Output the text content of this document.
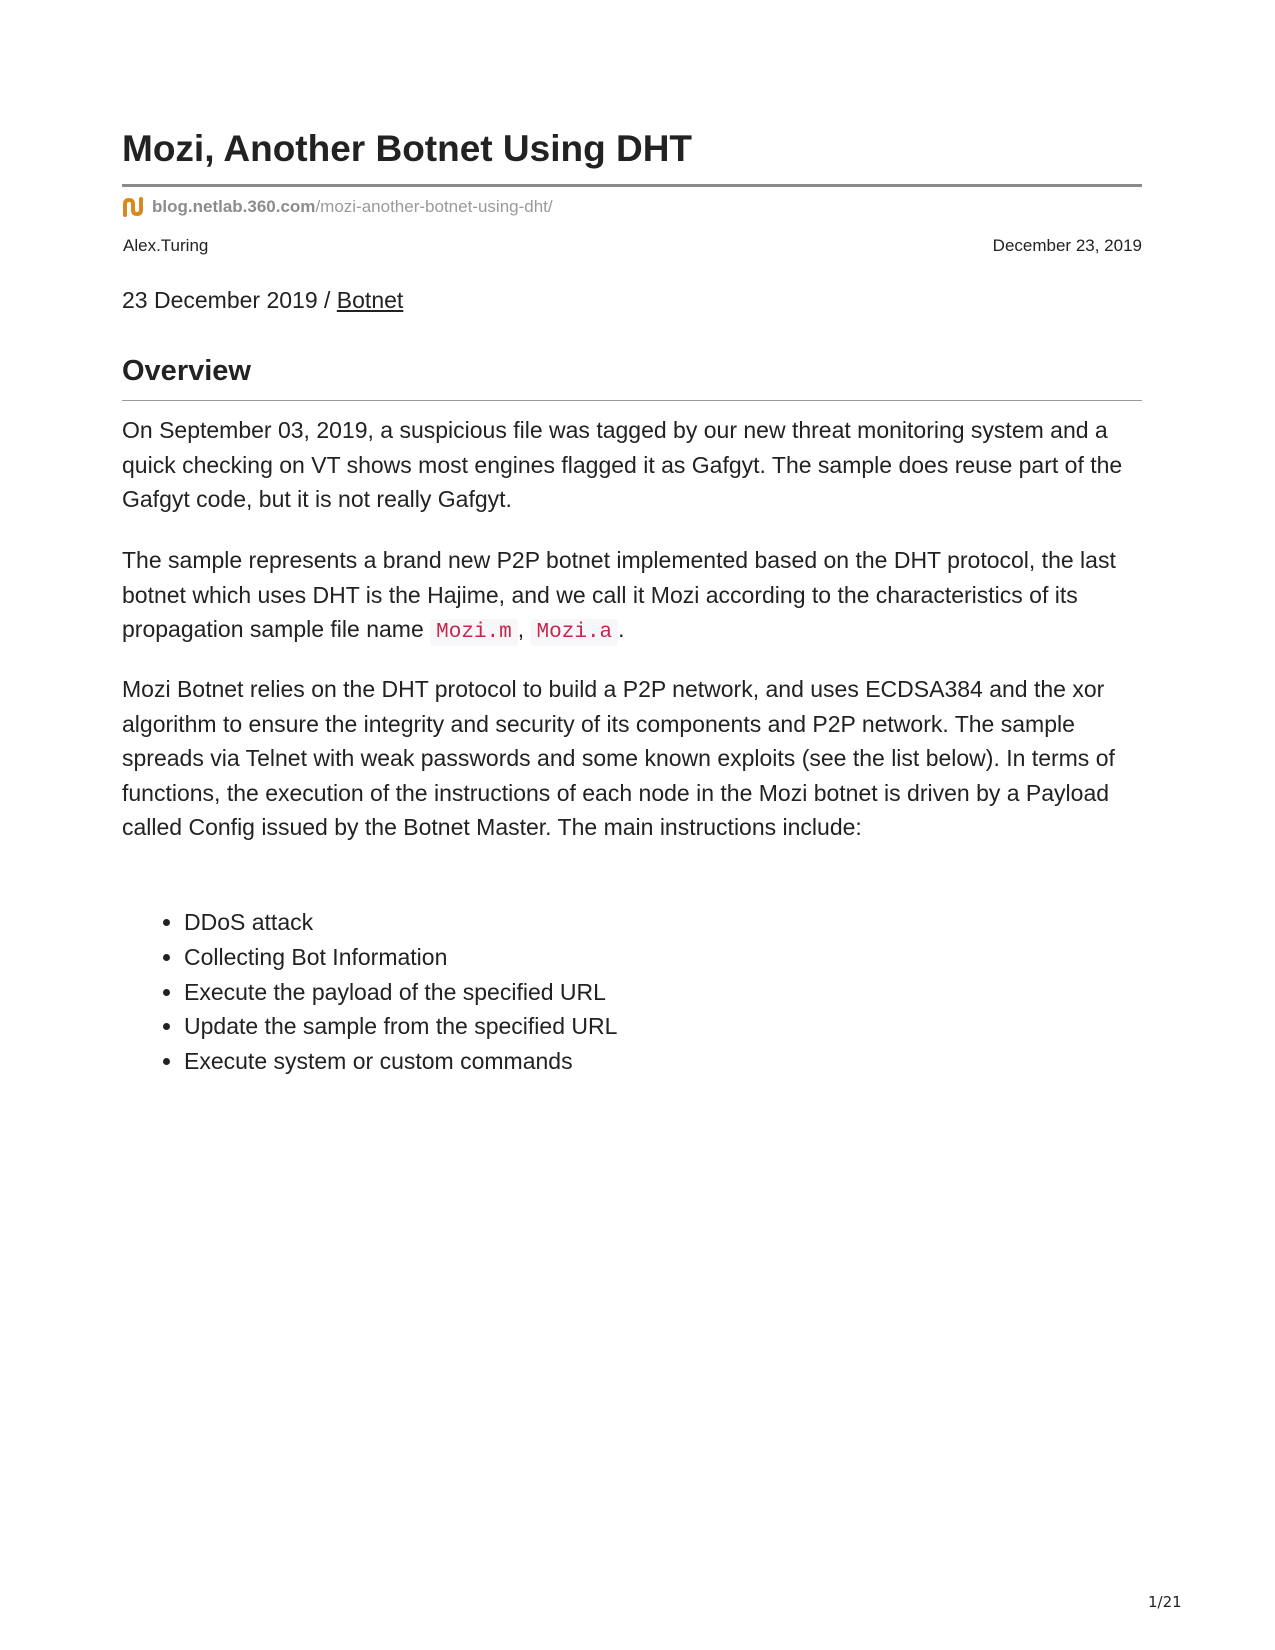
Mozi, Another Botnet Using DHT
blog.netlab.360.com /mozi-another-botnet-using-dht/
Alex.Turing	December 23, 2019
23 December 2019 / Botnet
Overview

On September 03, 2019, a suspicious file was tagged by our new threat monitoring system and a quick checking on VT shows most engines flagged it as Gafgyt. The sample does reuse part of the Gafgyt code, but it is not really Gafgyt.

The sample represents a brand new P2P botnet implemented based on the DHT protocol, the last botnet which uses DHT is the Hajime, and we call it Mozi according to the characteristics of its propagation sample file name Mozi.m , Mozi.a .

Mozi Botnet relies on the DHT protocol to build a P2P network, and uses ECDSA384 and the xor algorithm to ensure the integrity and security of its components and P2P network. The sample spreads via Telnet with weak passwords and some known exploits (see the list below). In terms of functions, the execution of the instructions of each node in the Mozi botnet is driven by a Payload called Config issued by the Botnet Master. The main instructions include:

• DDoS attack
• Collecting Bot Information
• Execute the payload of the specified URL
• Update the sample from the specified URL
• Execute system or custom commands
1/21
